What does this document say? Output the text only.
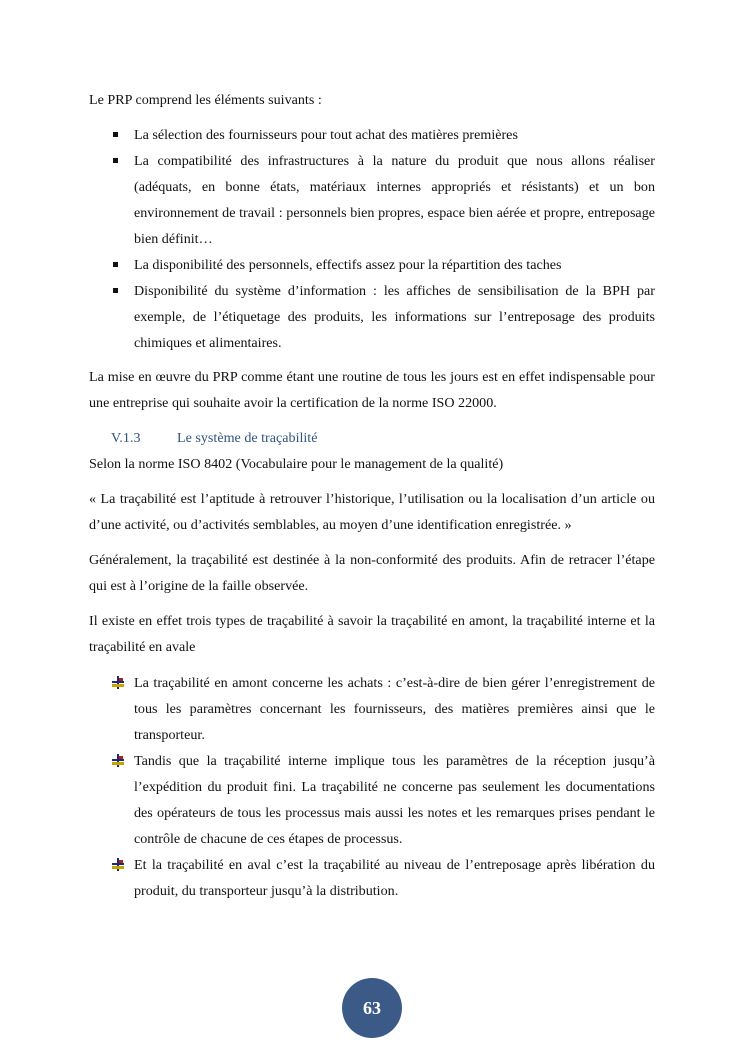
Le PRP comprend les éléments suivants :

La sélection des fournisseurs pour tout achat des matières premières
La compatibilité des infrastructures à la nature du produit que nous allons réaliser (adéquats, en bonne états, matériaux internes appropriés et résistants) et un bon environnement de travail : personnels bien propres, espace bien aérée et propre, entreposage bien définit…
La disponibilité des personnels, effectifs assez pour la répartition des taches
Disponibilité du système d’information : les affiches de sensibilisation de la BPH par exemple, de l’étiquetage des produits, les informations sur l’entreposage des produits chimiques et alimentaires.

La mise en œuvre du PRP comme étant une routine de tous les jours est en effet indispensable pour une entreprise qui souhaite avoir la certification de la norme ISO 22000.

V.1.3	Le système de traçabilité

Selon la norme ISO 8402 (Vocabulaire pour le management de la qualité)

« La traçabilité est l’aptitude à retrouver l’historique, l’utilisation ou la localisation d’un article ou d’une activité, ou d’activités semblables, au moyen d’une identification enregistrée. »

Généralement, la traçabilité est destinée à la non-conformité des produits. Afin de retracer l’étape qui est à l’origine de la faille observée.

Il existe en effet trois types de traçabilité à savoir la traçabilité en amont, la traçabilité interne et la traçabilité en avale

La traçabilité en amont concerne les achats : c’est-à-dire de bien gérer l’enregistrement de tous les paramètres concernant les fournisseurs, des matières premières ainsi que le transporteur.
Tandis que la traçabilité interne implique tous les paramètres de la réception jusqu’à l’expédition du produit fini. La traçabilité ne concerne pas seulement les documentations des opérateurs de tous les processus mais aussi les notes et les remarques prises pendant le contrôle de chacune de ces étapes de processus.
Et la traçabilité en aval c’est la traçabilité au niveau de l’entreposage après libération du produit, du transporteur jusqu’à la distribution.
63
